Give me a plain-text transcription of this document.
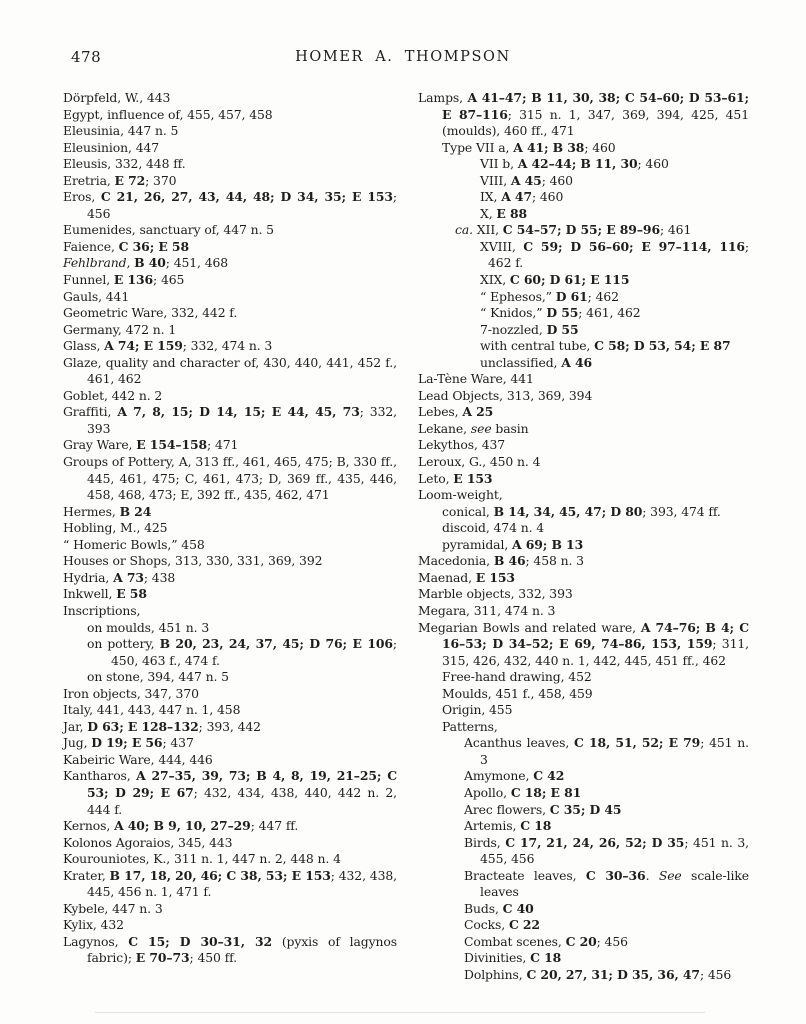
478	HOMER A. THOMPSON
Dörpfeld, W., 443
Egypt, influence of, 455, 457, 458
Eleusinia, 447 n. 5
Eleusinion, 447
Eleusis, 332, 448 ff.
Eretria, E 72; 370
Eros, C 21, 26, 27, 43, 44, 48; D 34, 35; E 153; 456
Eumenides, sanctuary of, 447 n. 5
Faience, C 36; E 58
Fehlbrand, B 40; 451, 468
Funnel, E 136; 465
Gauls, 441
Geometric Ware, 332, 442 f.
Germany, 472 n. 1
Glass, A 74; E 159; 332, 474 n. 3
Glaze, quality and character of, 430, 440, 441, 452 f., 461, 462
Goblet, 442 n. 2
Graffiti, A 7, 8, 15; D 14, 15; E 44, 45, 73; 332, 393
Gray Ware, E 154–158; 471
Groups of Pottery, A, 313 ff., 461, 465, 475; B, 330 ff., 445, 461, 475; C, 461, 473; D, 369 ff., 435, 446, 458, 468, 473; E, 392 ff., 435, 462, 471
Hermes, B 24
Hobling, M., 425
“ Homeric Bowls,” 458
Houses or Shops, 313, 330, 331, 369, 392
Hydria, A 73; 438
Inkwell, E 58
Inscriptions,
on moulds, 451 n. 3
on pottery, B 20, 23, 24, 37, 45; D 76; E 106; 450, 463 f., 474 f.
on stone, 394, 447 n. 5
Iron objects, 347, 370
Italy, 441, 443, 447 n. 1, 458
Jar, D 63; E 128–132; 393, 442
Jug, D 19; E 56; 437
Kabeiric Ware, 444, 446
Kantharos, A 27–35, 39, 73; B 4, 8, 19, 21–25; C 53; D 29; E 67; 432, 434, 438, 440, 442 n. 2, 444 f.
Kernos, A 40; B 9, 10, 27–29; 447 ff.
Kolonos Agoraios, 345, 443
Kourouniotes, K., 311 n. 1, 447 n. 2, 448 n. 4
Krater, B 17, 18, 20, 46; C 38, 53; E 153; 432, 438, 445, 456 n. 1, 471 f.
Kybele, 447 n. 3
Kylix, 432
Lagynos, C 15; D 30–31, 32 (pyxis of lagynos fabric); E 70–73; 450 ff.
Lamps, A 41–47; B 11, 30, 38; C 54–60; D 53–61; E 87–116; 315 n. 1, 347, 369, 394, 425, 451 (moulds), 460 ff., 471
Type VII a, A 41; B 38; 460
VII b, A 42–44; B 11, 30; 460
VIII, A 45; 460
IX, A 47; 460
X, E 88
ca. XII, C 54–57; D 55; E 89–96; 461
XVIII, C 59; D 56–60; E 97–114, 116; 462 f.
XIX, C 60; D 61; E 115
“ Ephesos,” D 61; 462
“ Knidos,” D 55; 461, 462
7-nozzled, D 55
with central tube, C 58; D 53, 54; E 87
unclassified, A 46
La-Tène Ware, 441
Lead Objects, 313, 369, 394
Lebes, A 25
Lekane, see basin
Lekythos, 437
Leroux, G., 450 n. 4
Leto, E 153
Loom-weight,
conical, B 14, 34, 45, 47; D 80; 393, 474 ff.
discoid, 474 n. 4
pyramidal, A 69; B 13
Macedonia, B 46; 458 n. 3
Maenad, E 153
Marble objects, 332, 393
Megara, 311, 474 n. 3
Megarian Bowls and related ware, A 74–76; B 4; C 16–53; D 34–52; E 69, 74–86, 153, 159; 311, 315, 426, 432, 440 n. 1, 442, 445, 451 ff., 462
Free-hand drawing, 452
Moulds, 451 f., 458, 459
Origin, 455
Patterns,
Acanthus leaves, C 18, 51, 52; E 79; 451 n. 3
Amymone, C 42
Apollo, C 18; E 81
Arec flowers, C 35; D 45
Artemis, C 18
Birds, C 17, 21, 24, 26, 52; D 35; 451 n. 3, 455, 456
Bracteate leaves, C 30–36. See scale-like leaves
Buds, C 40
Cocks, C 22
Combat scenes, C 20; 456
Divinities, C 18
Dolphins, C 20, 27, 31; D 35, 36, 47; 456
